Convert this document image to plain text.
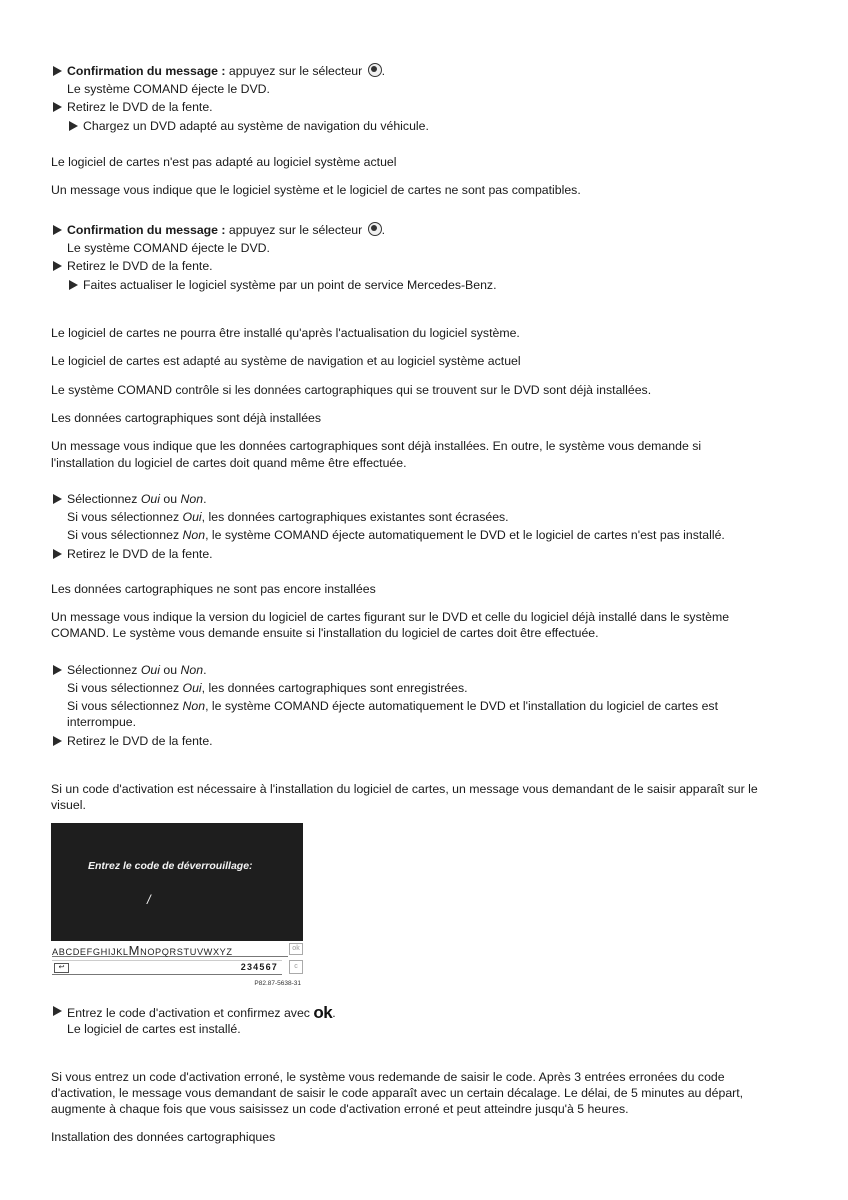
Confirmation du message : appuyez sur le sélecteur .
Le système COMAND éjecte le DVD.
Retirez le DVD de la fente.
Chargez un DVD adapté au système de navigation du véhicule.
Le logiciel de cartes n'est pas adapté au logiciel système actuel
Un message vous indique que le logiciel système et le logiciel de cartes ne sont pas compatibles.
Confirmation du message : appuyez sur le sélecteur .
Le système COMAND éjecte le DVD.
Retirez le DVD de la fente.
Faites actualiser le logiciel système par un point de service Mercedes-Benz.
Le logiciel de cartes ne pourra être installé qu'après l'actualisation du logiciel système.
Le logiciel de cartes est adapté au système de navigation et au logiciel système actuel
Le système COMAND contrôle si les données cartographiques qui se trouvent sur le DVD sont déjà installées.
Les données cartographiques sont déjà installées
Un message vous indique que les données cartographiques sont déjà installées. En outre, le système vous demande si
l'installation du logiciel de cartes doit quand même être effectuée.
Sélectionnez Oui ou Non.
Si vous sélectionnez Oui, les données cartographiques existantes sont écrasées.
Si vous sélectionnez Non, le système COMAND éjecte automatiquement le DVD et le logiciel de cartes n'est pas installé.
Retirez le DVD de la fente.
Les données cartographiques ne sont pas encore installées
Un message vous indique la version du logiciel de cartes figurant sur le DVD et celle du logiciel déjà installé dans le système
COMAND. Le système vous demande ensuite si l'installation du logiciel de cartes doit être effectuée.
Sélectionnez Oui ou Non.
Si vous sélectionnez Oui, les données cartographiques sont enregistrées.
Si vous sélectionnez Non, le système COMAND éjecte automatiquement le DVD et l'installation du logiciel de cartes est
interrompue.
Retirez le DVD de la fente.
Si un code d'activation est nécessaire à l'installation du logiciel de cartes, un message vous demandant de le saisir apparaît sur le
visuel.
Entrez le code de déverrouillage:
/
ABCDEFGHIJKLMNOPQRSTUVWXYZ	ok
↩	234567	c
P82.87-5638-31
Entrez le code d'activation et confirmez avec ok.
Le logiciel de cartes est installé.
Si vous entrez un code d'activation erroné, le système vous redemande de saisir le code. Après 3 entrées erronées du code
d'activation, le message vous demandant de saisir le code apparaît avec un certain décalage. Le délai, de 5 minutes au départ,
augmente à chaque fois que vous saisissez un code d'activation erroné et peut atteindre jusqu'à 5 heures.
Installation des données cartographiques
